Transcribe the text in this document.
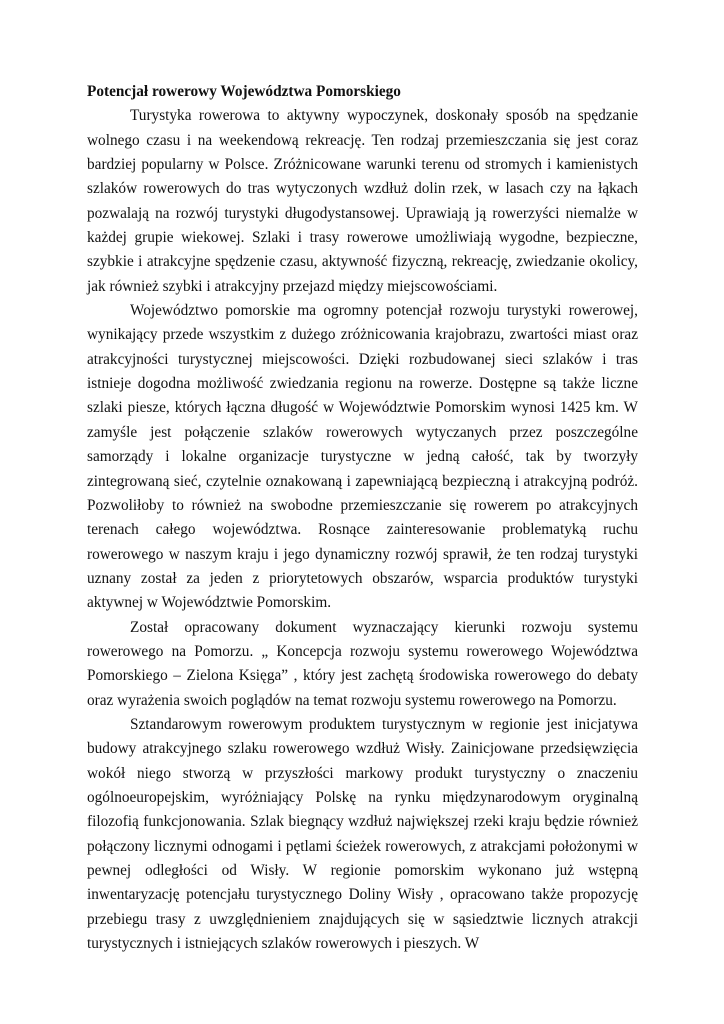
Potencjał rowerowy Województwa Pomorskiego

Turystyka rowerowa to aktywny wypoczynek, doskonały sposób na spędzanie wolnego czasu i na weekendową rekreację. Ten rodzaj przemieszczania się jest coraz bardziej popularny w Polsce. Zróżnicowane warunki terenu od stromych i kamienistych szlaków rowerowych do tras wytyczonych wzdłuż dolin rzek, w lasach czy na łąkach pozwalają na rozwój turystyki długodystansowej. Uprawiają ją rowerzyści niemalże w każdej grupie wiekowej. Szlaki i trasy rowerowe umożliwiają wygodne, bezpieczne, szybkie i atrakcyjne spędzenie czasu, aktywność fizyczną, rekreację, zwiedzanie okolicy, jak również szybki i atrakcyjny przejazd między miejscowościami.

Województwo pomorskie ma ogromny potencjał rozwoju turystyki rowerowej, wynikający przede wszystkim z dużego zróżnicowania krajobrazu, zwartości miast oraz atrakcyjności turystycznej miejscowości. Dzięki rozbudowanej sieci szlaków i tras istnieje dogodna możliwość zwiedzania regionu na rowerze. Dostępne są także liczne szlaki piesze, których łączna długość w Województwie Pomorskim wynosi 1425 km. W zamyśle jest połączenie szlaków rowerowych wytyczanych przez poszczególne samorządy i lokalne organizacje turystyczne w jedną całość, tak by tworzyły zintegrowaną sieć, czytelnie oznakowaną i zapewniającą bezpieczną i atrakcyjną podróż. Pozwoliłoby to również na swobodne przemieszczanie się rowerem po atrakcyjnych terenach całego województwa. Rosnące zainteresowanie problematyką ruchu rowerowego w naszym kraju i jego dynamiczny rozwój sprawił, że ten rodzaj turystyki uznany został za jeden z priorytetowych obszarów, wsparcia produktów turystyki aktywnej w Województwie Pomorskim.

Został opracowany dokument wyznaczający kierunki rozwoju systemu rowerowego na Pomorzu. „ Koncepcja rozwoju systemu rowerowego Województwa Pomorskiego – Zielona Księga” , który jest zachętą środowiska rowerowego do debaty oraz wyrażenia swoich poglądów na temat rozwoju systemu rowerowego na Pomorzu.

Sztandarowym rowerowym produktem turystycznym w regionie jest inicjatywa budowy atrakcyjnego szlaku rowerowego wzdłuż Wisły. Zainicjowane przedsięwzięcia wokół niego stworzą w przyszłości markowy produkt turystyczny o znaczeniu ogólnoeuropejskim, wyróżniający Polskę na rynku międzynarodowym oryginalną filozofią funkcjonowania. Szlak biegnący wzdłuż największej rzeki kraju będzie również połączony licznymi odnogami i pętlami ścieżek rowerowych, z atrakcjami położonymi w pewnej odległości od Wisły. W regionie pomorskim wykonano już wstępną inwentaryzację potencjału turystycznego Doliny Wisły , opracowano także propozycję przebiegu trasy z uwzględnieniem znajdujących się w sąsiedztwie licznych atrakcji turystycznych i istniejących szlaków rowerowych i pieszych. W
